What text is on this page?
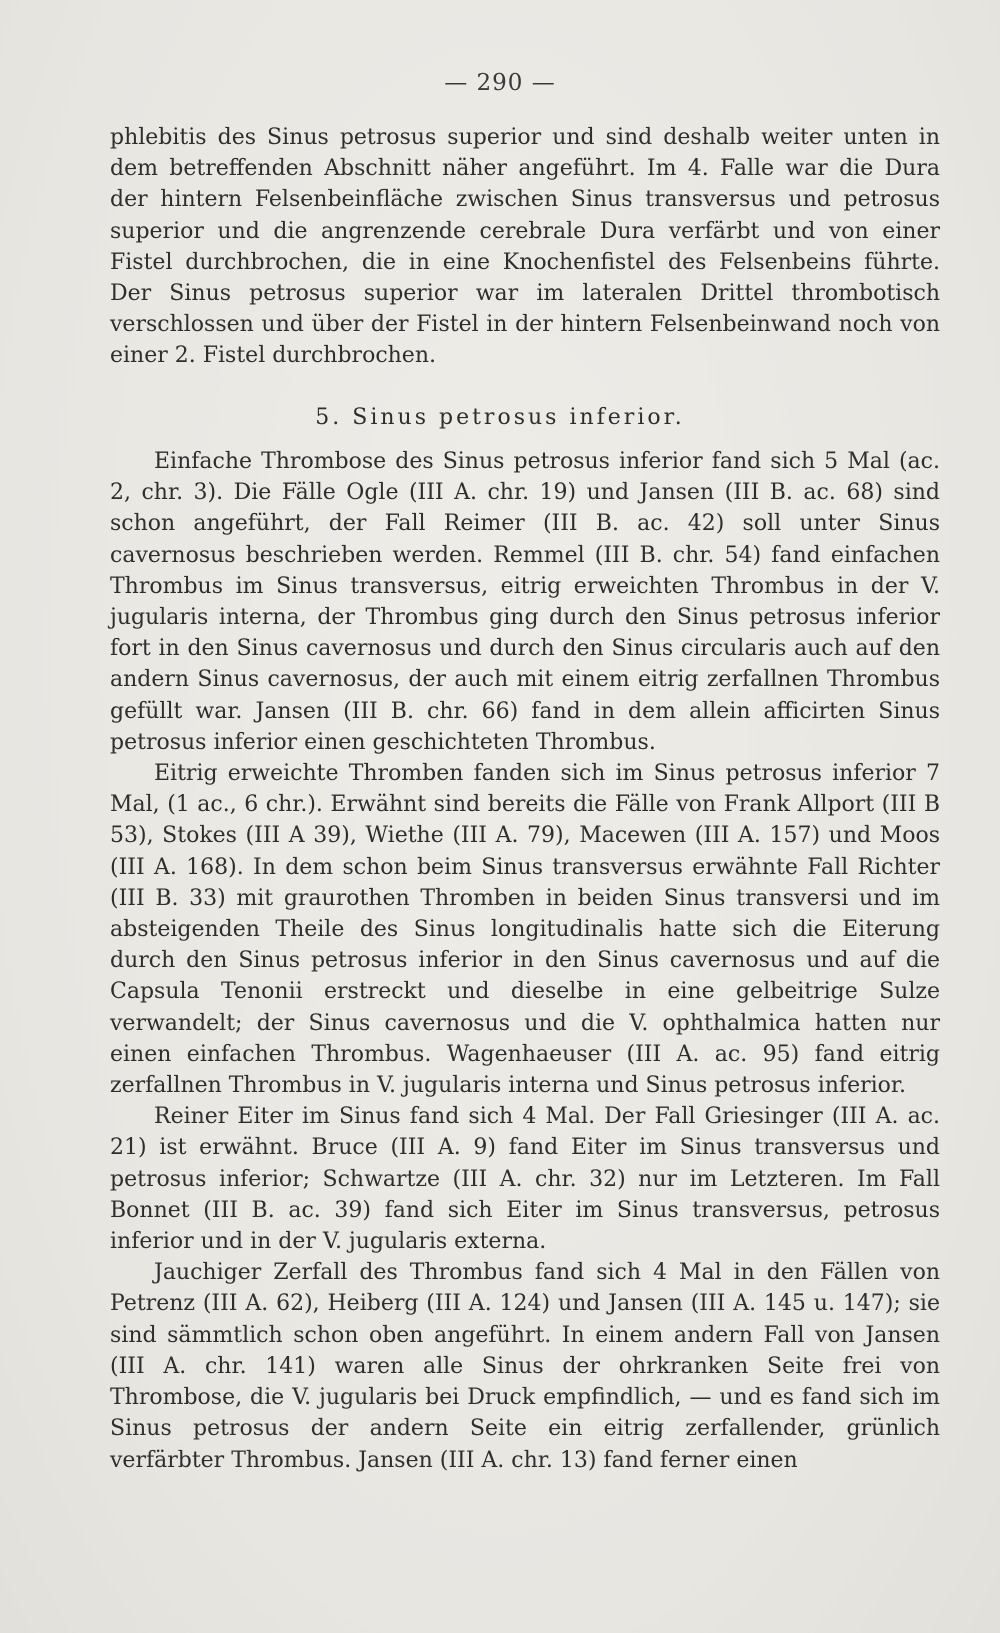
— 290 —

phlebitis des Sinus petrosus superior und sind deshalb weiter unten in dem betreffenden Abschnitt näher angeführt. Im 4. Falle war die Dura der hintern Felsenbeinfläche zwischen Sinus transversus und petrosus superior und die angrenzende cerebrale Dura verfärbt und von einer Fistel durchbrochen, die in eine Knochenfistel des Felsenbeins führte. Der Sinus petrosus superior war im lateralen Drittel thrombotisch verschlossen und über der Fistel in der hintern Felsenbeinwand noch von einer 2. Fistel durchbrochen.

5. Sinus petrosus inferior.

Einfache Thrombose des Sinus petrosus inferior fand sich 5 Mal (ac. 2, chr. 3). Die Fälle Ogle (III A. chr. 19) und Jansen (III B. ac. 68) sind schon angeführt, der Fall Reimer (III B. ac. 42) soll unter Sinus cavernosus beschrieben werden. Remmel (III B. chr. 54) fand einfachen Thrombus im Sinus transversus, eitrig erweichten Thrombus in der V. jugularis interna, der Thrombus ging durch den Sinus petrosus inferior fort in den Sinus cavernosus und durch den Sinus circularis auch auf den andern Sinus cavernosus, der auch mit einem eitrig zerfallnen Thrombus gefüllt war. Jansen (III B. chr. 66) fand in dem allein afficirten Sinus petrosus inferior einen geschichteten Thrombus.

Eitrig erweichte Thromben fanden sich im Sinus petrosus inferior 7 Mal, (1 ac., 6 chr.). Erwähnt sind bereits die Fälle von Frank Allport (III B 53), Stokes (III A 39), Wiethe (III A. 79), Macewen (III A. 157) und Moos (III A. 168). In dem schon beim Sinus transversus erwähnte Fall Richter (III B. 33) mit graurothen Thromben in beiden Sinus transversi und im absteigenden Theile des Sinus longitudinalis hatte sich die Eiterung durch den Sinus petrosus inferior in den Sinus cavernosus und auf die Capsula Tenonii erstreckt und dieselbe in eine gelbeitrige Sulze verwandelt; der Sinus cavernosus und die V. ophthalmica hatten nur einen einfachen Thrombus. Wagenhaeuser (III A. ac. 95) fand eitrig zerfallnen Thrombus in V. jugularis interna und Sinus petrosus inferior.

Reiner Eiter im Sinus fand sich 4 Mal. Der Fall Griesinger (III A. ac. 21) ist erwähnt. Bruce (III A. 9) fand Eiter im Sinus transversus und petrosus inferior; Schwartze (III A. chr. 32) nur im Letzteren. Im Fall Bonnet (III B. ac. 39) fand sich Eiter im Sinus transversus, petrosus inferior und in der V. jugularis externa.

Jauchiger Zerfall des Thrombus fand sich 4 Mal in den Fällen von Petrenz (III A. 62), Heiberg (III A. 124) und Jansen (III A. 145 u. 147); sie sind sämmtlich schon oben angeführt. In einem andern Fall von Jansen (III A. chr. 141) waren alle Sinus der ohrkranken Seite frei von Thrombose, die V. jugularis bei Druck empfindlich, — und es fand sich im Sinus petrosus der andern Seite ein eitrig zerfallender, grünlich verfärbter Thrombus. Jansen (III A. chr. 13) fand ferner einen
